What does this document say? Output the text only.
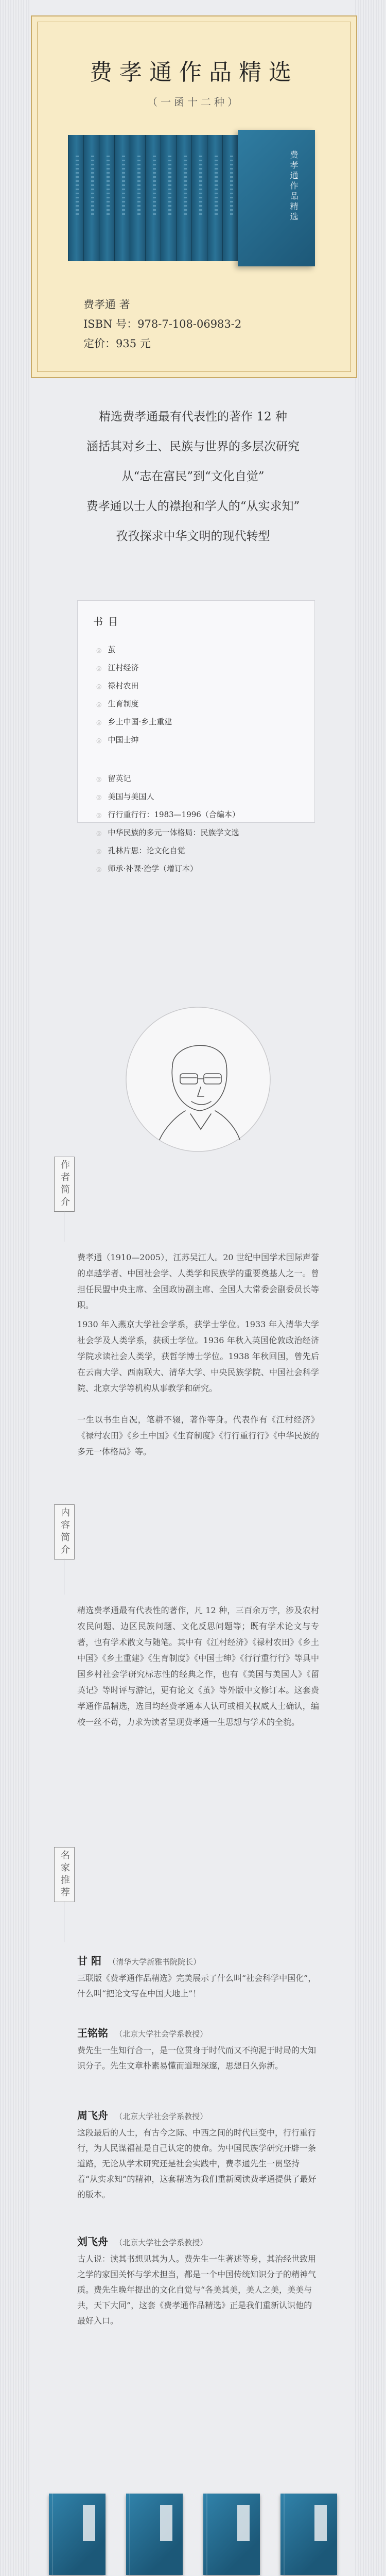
费孝通作品精选
（一函十二种）
费孝通作品精选
费孝通 著
ISBN 号：978-7-108-06983-2
定价：935 元
精选费孝通最有代表性的著作 12 种
涵括其对乡土、民族与世界的多层次研究
从“志在富民”到“文化自觉”
费孝通以士人的襟抱和学人的“从实求知”
孜孜探求中华文明的现代转型
书目
◎ 茧
◎ 江村经济
◎ 禄村农田
◎ 生育制度
◎ 乡土中国·乡土重建
◎ 中国士绅
◎ 留英记
◎ 美国与美国人
◎ 行行重行行：1983—1996（合编本）
◎ 中华民族的多元一体格局：民族学文选
◎ 孔林片思：论文化自觉
◎ 师承·补课·治学（增订本）
作者简介

费孝通（1910—2005），江苏吴江人。20 世纪中国学术国际声誉的卓越学者、中国社会学、人类学和民族学的重要奠基人之一。曾担任民盟中央主席、全国政协副主席、全国人大常委会副委员长等职。

1930 年入燕京大学社会学系，获学士学位。1933 年入清华大学社会学及人类学系，获硕士学位。1936 年秋入英国伦敦政治经济学院求读社会人类学，获哲学博士学位。1938 年秋回国，曾先后在云南大学、西南联大、清华大学、中央民族学院、中国社会科学院、北京大学等机构从事教学和研究。

一生以书生自况，笔耕不辍，著作等身。代表作有《江村经济》《禄村农田》《乡土中国》《生育制度》《行行重行行》《中华民族的多元一体格局》等。

内容简介

精选费孝通最有代表性的著作，凡 12 种，三百余万字，涉及农村农民问题、边区民族问题、文化反思问题等；既有学术论文与专著，也有学术散文与随笔。其中有《江村经济》《禄村农田》《乡土中国》《乡土重建》《生育制度》《中国士绅》《行行重行行》等具中国乡村社会学研究标志性的经典之作，也有《美国与美国人》《留英记》等时评与游记，更有论文《茧》等外版中文修订本。这套费孝通作品精选，选目均经费孝通本人认可或相关权威人士确认，编校一丝不苟，力求为读者呈现费孝通一生思想与学术的全貌。

名家推荐
甘 阳 （清华大学新雅书院院长）
三联版《费孝通作品精选》完美展示了什么叫“社会科学中国化”，什么叫“把论文写在中国大地上”！
王铭铭 （北京大学社会学系教授）
费先生一生知行合一，是一位贯身于时代而又不拘泥于时局的大知识分子。先生文章朴素易懂而道理深邃，思想日久弥新。
周飞舟 （北京大学社会学系教授）
这段最后的人士，有古今之际、中西之间的时代巨变中，行行重行行，为人民谋福祉是自己认定的使命。为中国民族学研究开辟一条道路，无论从学术研究还是社会实践中，费孝通先生一贯坚持着“从实求知”的精神，这套精选为我们重新阅读费孝通提供了最好的版本。
刘飞舟 （北京大学社会学系教授）
古人说：读其书想见其为人。费先生一生著述等身，其治经世致用之学的家国关怀与学术担当，都是一个中国传统知识分子的精神气质。费先生晚年提出的文化自觉与“各美其美，美人之美，美美与共，天下大同”，这套《费孝通作品精选》正是我们重新认识他的最好入口。
